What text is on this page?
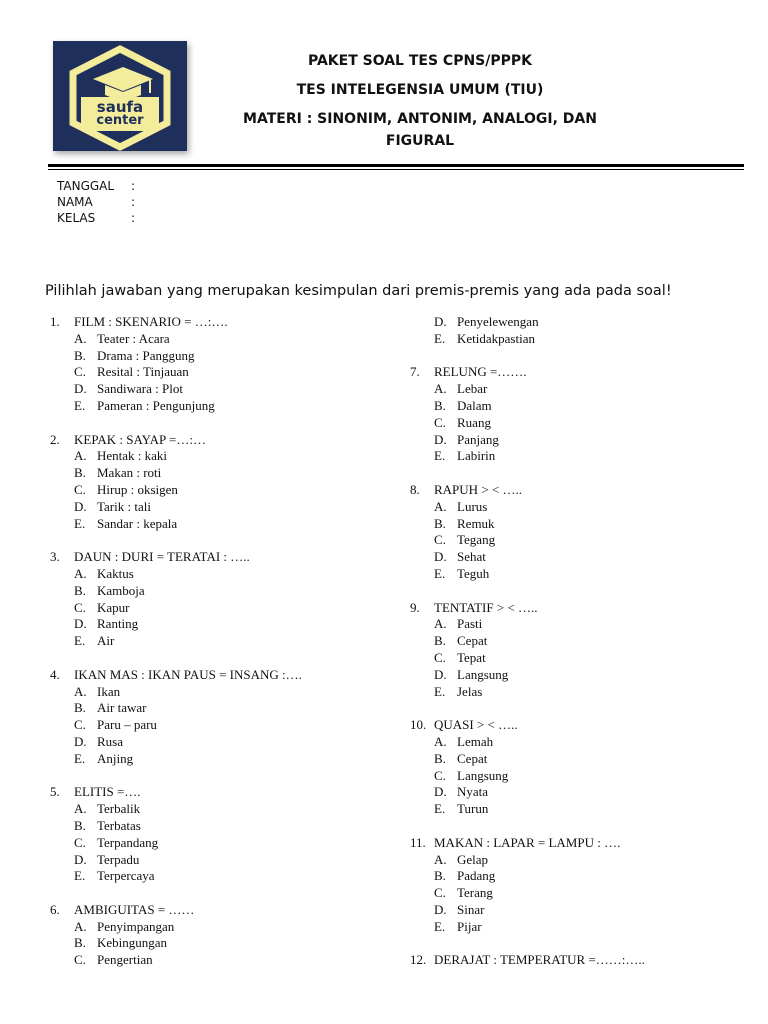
saufa
center
PAKET SOAL TES CPNS/PPPK
TES INTELEGENSIA UMUM (TIU)
MATERI : SINONIM, ANTONIM, ANALOGI, DAN
FIGURAL
TANGGAL :
NAMA	:
KELAS	:
Pilihlah jawaban yang merupakan kesimpulan dari premis-premis yang ada pada soal!
1. FILM : SKENARIO = …:….
A. Teater : Acara
B. Drama : Panggung
C. Resital : Tinjauan
D. Sandiwara : Plot
E. Pameran : Pengunjung
2. KEPAK : SAYAP =…:…
A. Hentak : kaki
B. Makan : roti
C. Hirup : oksigen
D. Tarik : tali
E. Sandar : kepala
3. DAUN : DURI = TERATAI : …..
A. Kaktus
B. Kamboja
C. Kapur
D. Ranting
E. Air
4. IKAN MAS : IKAN PAUS = INSANG :….
A. Ikan
B. Air tawar
C. Paru – paru
D. Rusa
E. Anjing
5. ELITIS =….
A. Terbalik
B. Terbatas
C. Terpandang
D. Terpadu
E. Terpercaya
6. AMBIGUITAS = ……
A. Penyimpangan
B. Kebingungan
C. Pengertian
D. Penyelewengan
E. Ketidakpastian
7. RELUNG =…….
A. Lebar
B. Dalam
C. Ruang
D. Panjang
E. Labirin
8. RAPUH > < …..
A. Lurus
B. Remuk
C. Tegang
D. Sehat
E. Teguh
9. TENTATIF > < …..
A. Pasti
B. Cepat
C. Tepat
D. Langsung
E. Jelas
10. QUASI > < …..
A. Lemah
B. Cepat
C. Langsung
D. Nyata
E. Turun
11. MAKAN : LAPAR = LAMPU : ….
A. Gelap
B. Padang
C. Terang
D. Sinar
E. Pijar
12. DERAJAT : TEMPERATUR =……:…..
